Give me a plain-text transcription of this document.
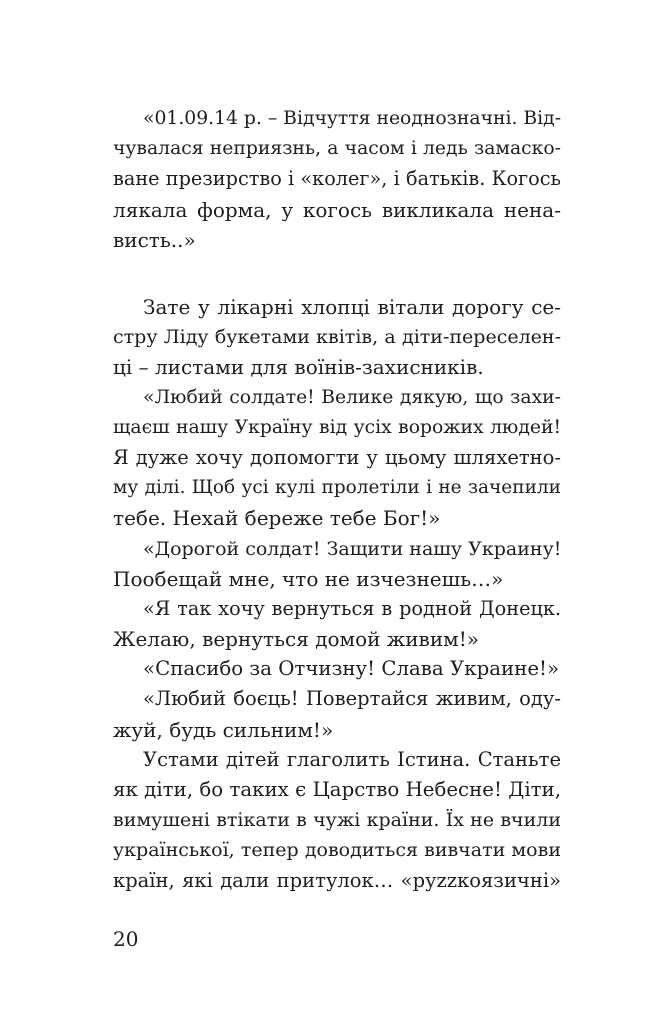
«01.09.14 р. – Відчуття неоднозначні. Від-
чувалася неприязнь, а часом і ледь замаско-
ване презирство і «колег», і батьків. Когось
лякала форма, у когось викликала нена-
висть..»
Зате у лікарні хлопці вітали дорогу се-
стру Ліду букетами квітів, а діти-переселен-
ці – листами для воїнів-захисників.
«Любий солдате! Велике дякую, що захи-
щаєш нашу Україну від усіх ворожих людей!
Я дуже хочу допомогти у цьому шляхетно-
му ділі. Щоб усі кулі пролетіли і не зачепили
тебе. Нехай береже тебе Бог!»
«Дорогой солдат! Защити нашу Украину!
Пообещай мне, что не изчезнешь…»
«Я так хочу вернуться в родной Донецк.
Желаю, вернуться домой живим!»
«Спасибо за Отчизну! Слава Украине!»
«Любий боєць! Повертайся живим, оду-
жуй, будь сильним!»
Устами дітей глаголить Істина. Станьте
як діти, бо таких є Царство Небесне! Діти,
вимушені втікати в чужі країни. Їх не вчили
української, тепер доводиться вивчати мови
країн, які дали притулок… «руzzкоязичні»
20
